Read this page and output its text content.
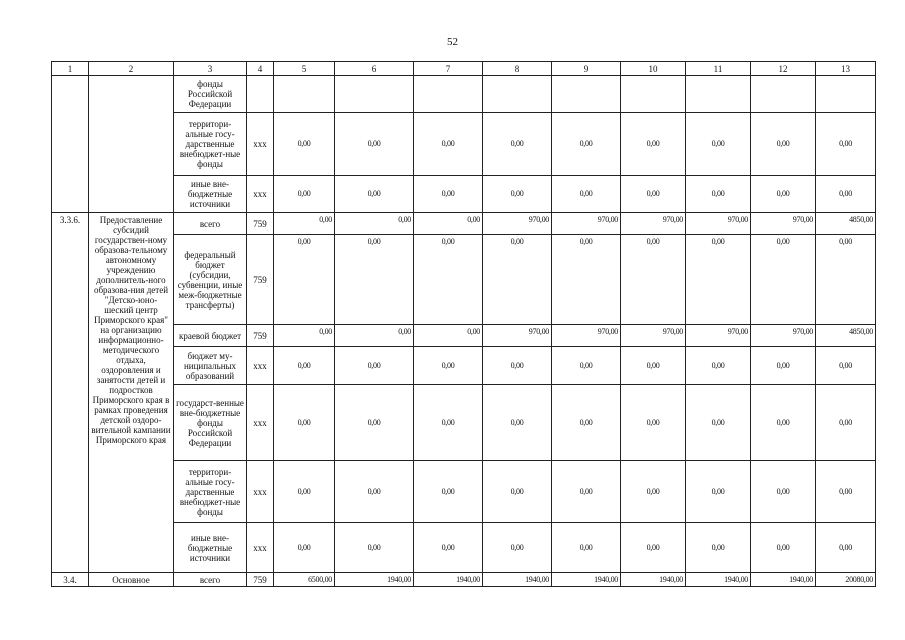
52
1	2	3	4	5	6	7	8	9	10	11	12	13
		фонды Российской Федерации										
		территори-альные госу-дарственные внебюджет-ные фонды	ххх	0,00	0,00	0,00	0,00	0,00	0,00	0,00	0,00	0,00
		иные вне-бюджетные источники	ххх	0,00	0,00	0,00	0,00	0,00	0,00	0,00	0,00	0,00
3.3.6.	Предоставление субсидий государствен-ному образова-тельному автономному учреждению дополнитель-ного образова-ния детей "Детско-юно-шеский центр Приморского края" на организацию информационно-методического отдыха, оздоровления и занятости детей и подростков Приморского края в рамках проведения детской оздоро-вительной кампании Приморского края	всего	759	0,00	0,00	0,00	970,00	970,00	970,00	970,00	970,00	4850,00
		федеральный бюджет (субсидии, субвенции, иные меж-бюджетные трансферты)	759	0,00	0,00	0,00	0,00	0,00	0,00	0,00	0,00	0,00
		краевой бюджет	759	0,00	0,00	0,00	970,00	970,00	970,00	970,00	970,00	4850,00
		бюджет му-ниципальных образований	ххх	0,00	0,00	0,00	0,00	0,00	0,00	0,00	0,00	0,00
		государст-венные вне-бюджетные фонды Российской Федерации	ххх	0,00	0,00	0,00	0,00	0,00	0,00	0,00	0,00	0,00
		территори-альные госу-дарственные внебюджет-ные фонды	ххх	0,00	0,00	0,00	0,00	0,00	0,00	0,00	0,00	0,00
		иные вне-бюджетные источники	ххх	0,00	0,00	0,00	0,00	0,00	0,00	0,00	0,00	0,00
3.4.	Основное	всего	759	6500,00	1940,00	1940,00	1940,00	1940,00	1940,00	1940,00	1940,00	20080,00
